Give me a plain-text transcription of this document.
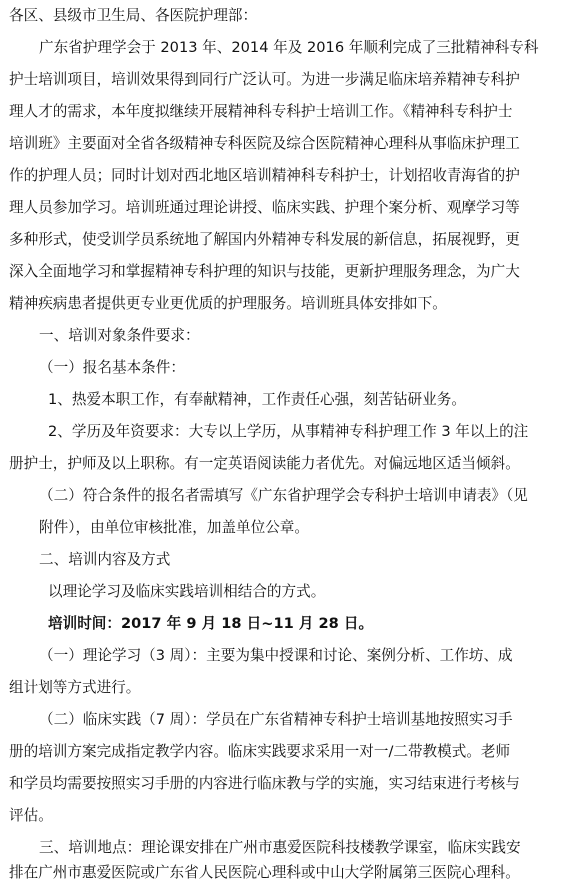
各区、县级市卫生局、各医院护理部：
广东省护理学会于 2013 年、2014 年及 2016 年顺利完成了三批精神科专科
护士培训项目，培训效果得到同行广泛认可。为进一步满足临床培养精神专科护
理人才的需求，本年度拟继续开展精神科专科护士培训工作。《精神科专科护士
培训班》主要面对全省各级精神专科医院及综合医院精神心理科从事临床护理工
作的护理人员；同时计划对西北地区培训精神科专科护士，计划招收青海省的护
理人员参加学习。培训班通过理论讲授、临床实践、护理个案分析、观摩学习等
多种形式，使受训学员系统地了解国内外精神专科发展的新信息，拓展视野，更
深入全面地学习和掌握精神专科护理的知识与技能，更新护理服务理念，为广大
精神疾病患者提供更专业更优质的护理服务。培训班具体安排如下。
一、培训对象条件要求：
（一）报名基本条件：
1、热爱本职工作，有奉献精神，工作责任心强，刻苦钻研业务。
2、学历及年资要求：大专以上学历，从事精神专科护理工作 3 年以上的注
册护士，护师及以上职称。有一定英语阅读能力者优先。对偏远地区适当倾斜。
（二）符合条件的报名者需填写《广东省护理学会专科护士培训申请表》（见
附件），由单位审核批准，加盖单位公章。
二、培训内容及方式
以理论学习及临床实践培训相结合的方式。
培训时间：2017 年 9 月 18 日~11 月 28 日。
（一）理论学习（3 周）：主要为集中授课和讨论、案例分析、工作坊、成
组计划等方式进行。
（二）临床实践（7 周）：学员在广东省精神专科护士培训基地按照实习手
册的培训方案完成指定教学内容。临床实践要求采用一对一/二带教模式。老师
和学员均需要按照实习手册的内容进行临床教与学的实施，实习结束进行考核与
评估。
三、培训地点：理论课安排在广州市惠爱医院科技楼教学课室，临床实践安
排在广州市惠爱医院或广东省人民医院心理科或中山大学附属第三医院心理科。
